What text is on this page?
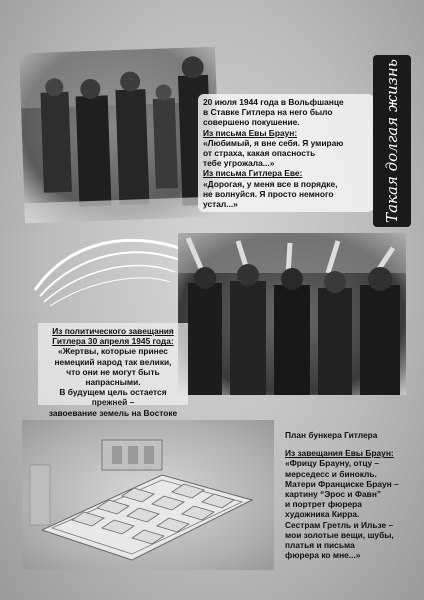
20 июля 1944 года в Вольфшанце

в Ставке Гитлера на него было

совершено покушение.

Из письма Евы Браун:

«Любимый, я вне себя. Я умираю

от страха, какая опасность

тебе угрожала...»

Из письма Гитлера Еве:

«Дорогая, у меня все в порядке,

не волнуйся. Я просто немного устал...»	Такая долгая жизнь

Из политического завещания

Гитлера 30 апреля 1945 года:

«Жертвы, которые принес

немецкий народ так велики,

что они не могут быть напрасными.

В будущем цель остается прежней –

завоевание земель на Востоке

План бункера Гитлера

Из завещания Евы Браун:

«Фрицу Брауну, отцу –

мерседесс и бинокль.

Матери Франциске Браун –

картину “Эрос и Фавн”

и портрет фюрера

художника Кирра.

Сестрам Гретль и Ильзе –

мои золотые вещи, шубы,

платья и письма

фюрера ко мне...»
